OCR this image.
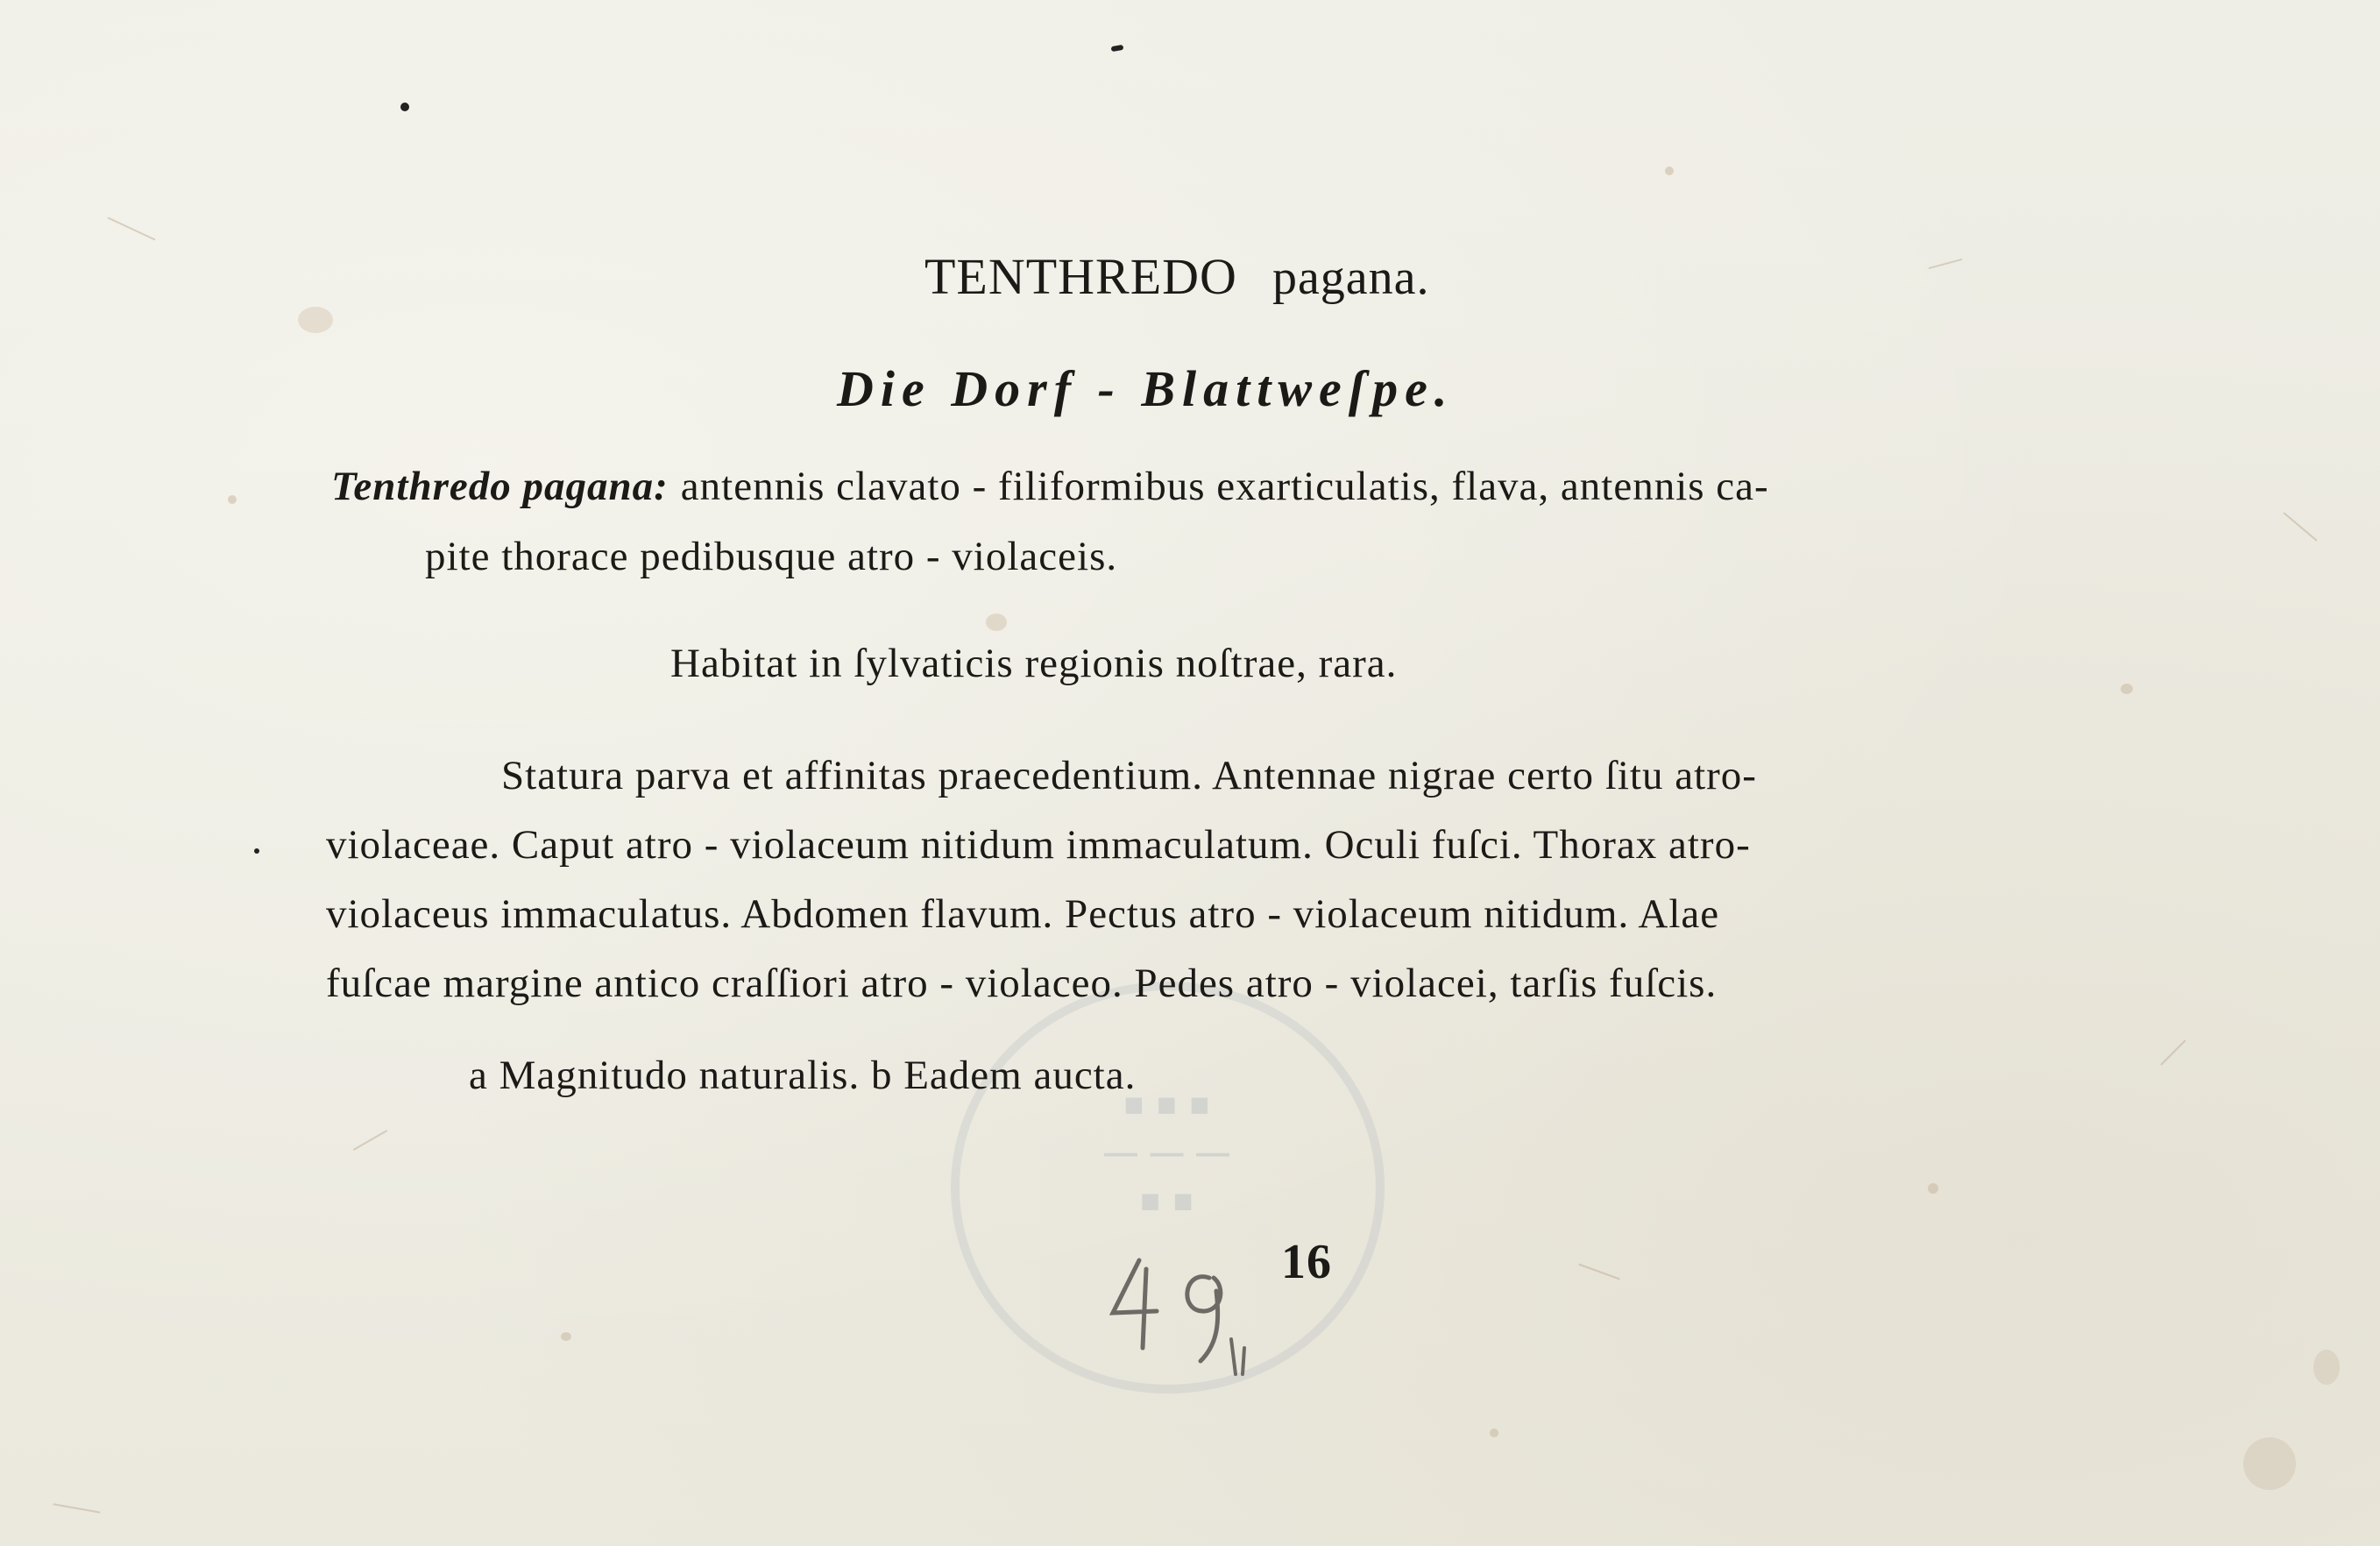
■ ■ ■
— — —
■ ■
TENTHREDO pagana.
Die Dorf - Blattweſpe.
Tenthredo pagana: antennis clavato - filiformibus exarticulatis, flava, antennis ca-
pite thorace pedibusque atro - violaceis.
Habitat in ſylvaticis regionis noſtrae, rara.
Statura parva et affinitas praecedentium. Antennae nigrae certo ſitu atro-
violaceae. Caput atro - violaceum nitidum immaculatum. Oculi fuſci. Thorax atro-
violaceus immaculatus. Abdomen flavum. Pectus atro - violaceum nitidum. Alae
fuſcae margine antico craſſiori atro - violaceo. Pedes atro - violacei, tarſis fuſcis.
a Magnitudo naturalis. b Eadem aucta.
16
